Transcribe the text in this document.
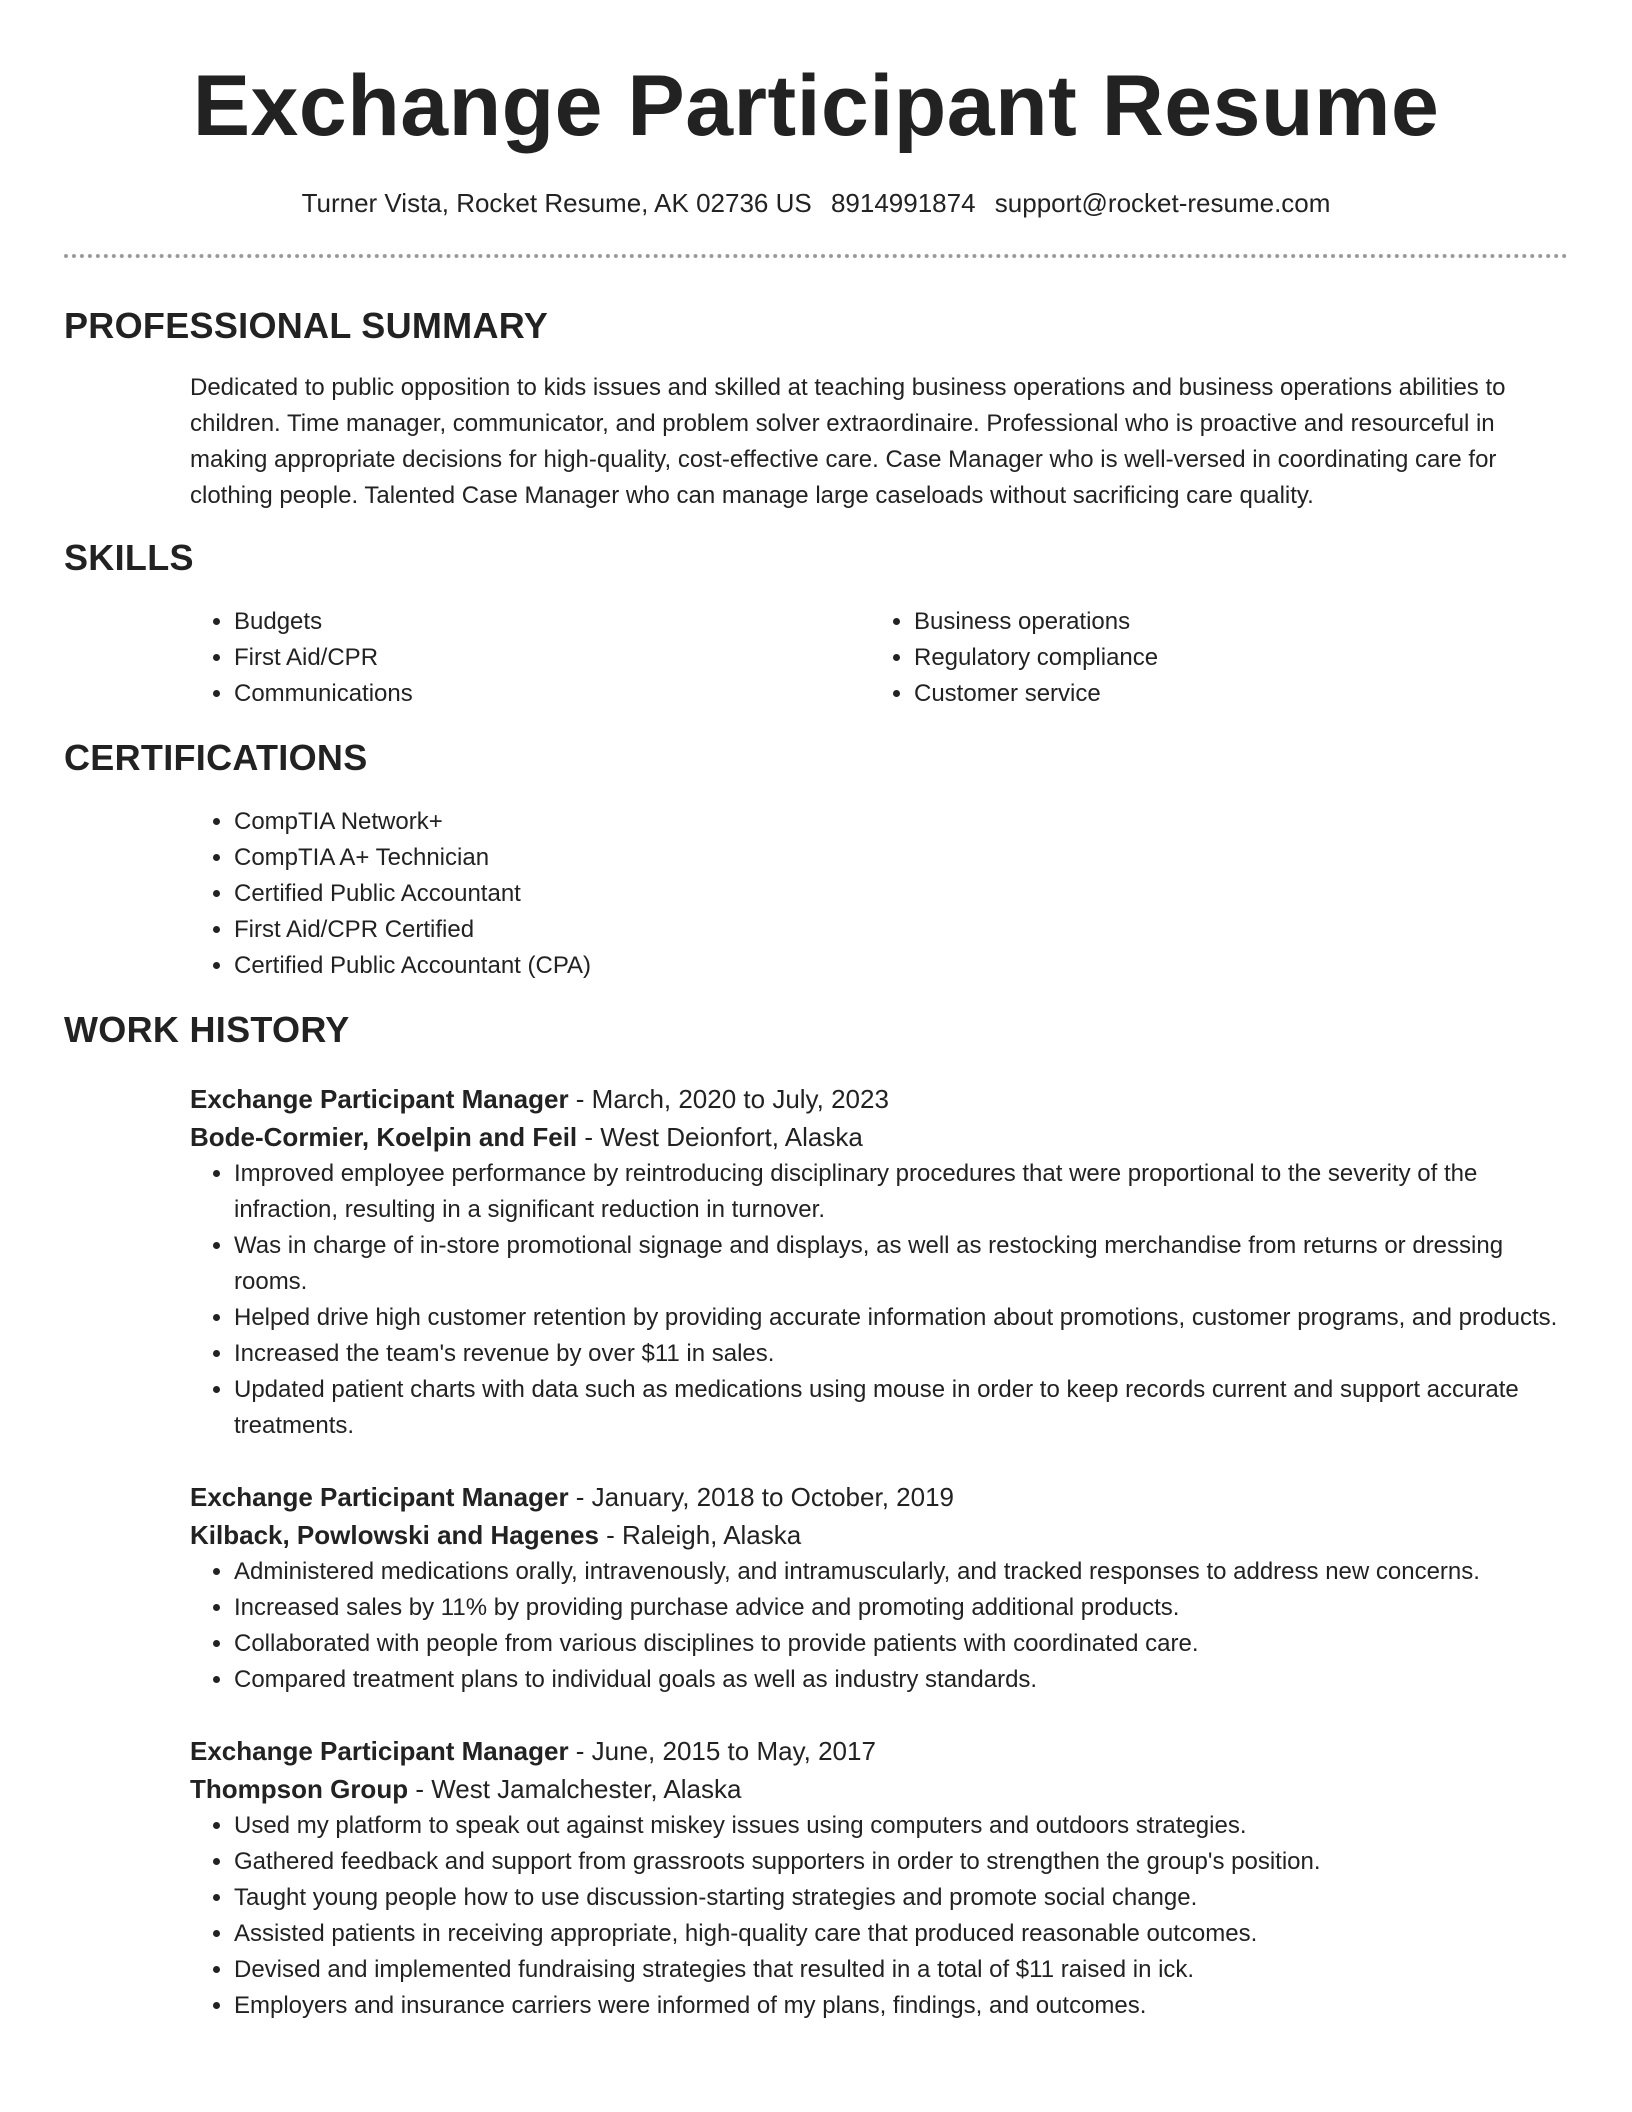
Exchange Participant Resume
Turner Vista, Rocket Resume, AK 02736 US 8914991874 support@rocket-resume.com
PROFESSIONAL SUMMARY
Dedicated to public opposition to kids issues and skilled at teaching business operations and business operations abilities to children. Time manager, communicator, and problem solver extraordinaire. Professional who is proactive and resourceful in making appropriate decisions for high-quality, cost-effective care. Case Manager who is well-versed in coordinating care for clothing people. Talented Case Manager who can manage large caseloads without sacrificing care quality.
SKILLS
• Budgets
• First Aid/CPR
• Communications
• Business operations
• Regulatory compliance
• Customer service
CERTIFICATIONS
• CompTIA Network+
• CompTIA A+ Technician
• Certified Public Accountant
• First Aid/CPR Certified
• Certified Public Accountant (CPA)
WORK HISTORY
Exchange Participant Manager - March, 2020 to July, 2023
Bode-Cormier, Koelpin and Feil - West Deionfort, Alaska
• Improved employee performance by reintroducing disciplinary procedures that were proportional to the severity of the infraction, resulting in a significant reduction in turnover.
• Was in charge of in-store promotional signage and displays, as well as restocking merchandise from returns or dressing rooms.
• Helped drive high customer retention by providing accurate information about promotions, customer programs, and products.
• Increased the team's revenue by over $11 in sales.
• Updated patient charts with data such as medications using mouse in order to keep records current and support accurate treatments.
Exchange Participant Manager - January, 2018 to October, 2019
Kilback, Powlowski and Hagenes - Raleigh, Alaska
• Administered medications orally, intravenously, and intramuscularly, and tracked responses to address new concerns.
• Increased sales by 11% by providing purchase advice and promoting additional products.
• Collaborated with people from various disciplines to provide patients with coordinated care.
• Compared treatment plans to individual goals as well as industry standards.
Exchange Participant Manager - June, 2015 to May, 2017
Thompson Group - West Jamalchester, Alaska
• Used my platform to speak out against miskey issues using computers and outdoors strategies.
• Gathered feedback and support from grassroots supporters in order to strengthen the group's position.
• Taught young people how to use discussion-starting strategies and promote social change.
• Assisted patients in receiving appropriate, high-quality care that produced reasonable outcomes.
• Devised and implemented fundraising strategies that resulted in a total of $11 raised in ick.
• Employers and insurance carriers were informed of my plans, findings, and outcomes.
